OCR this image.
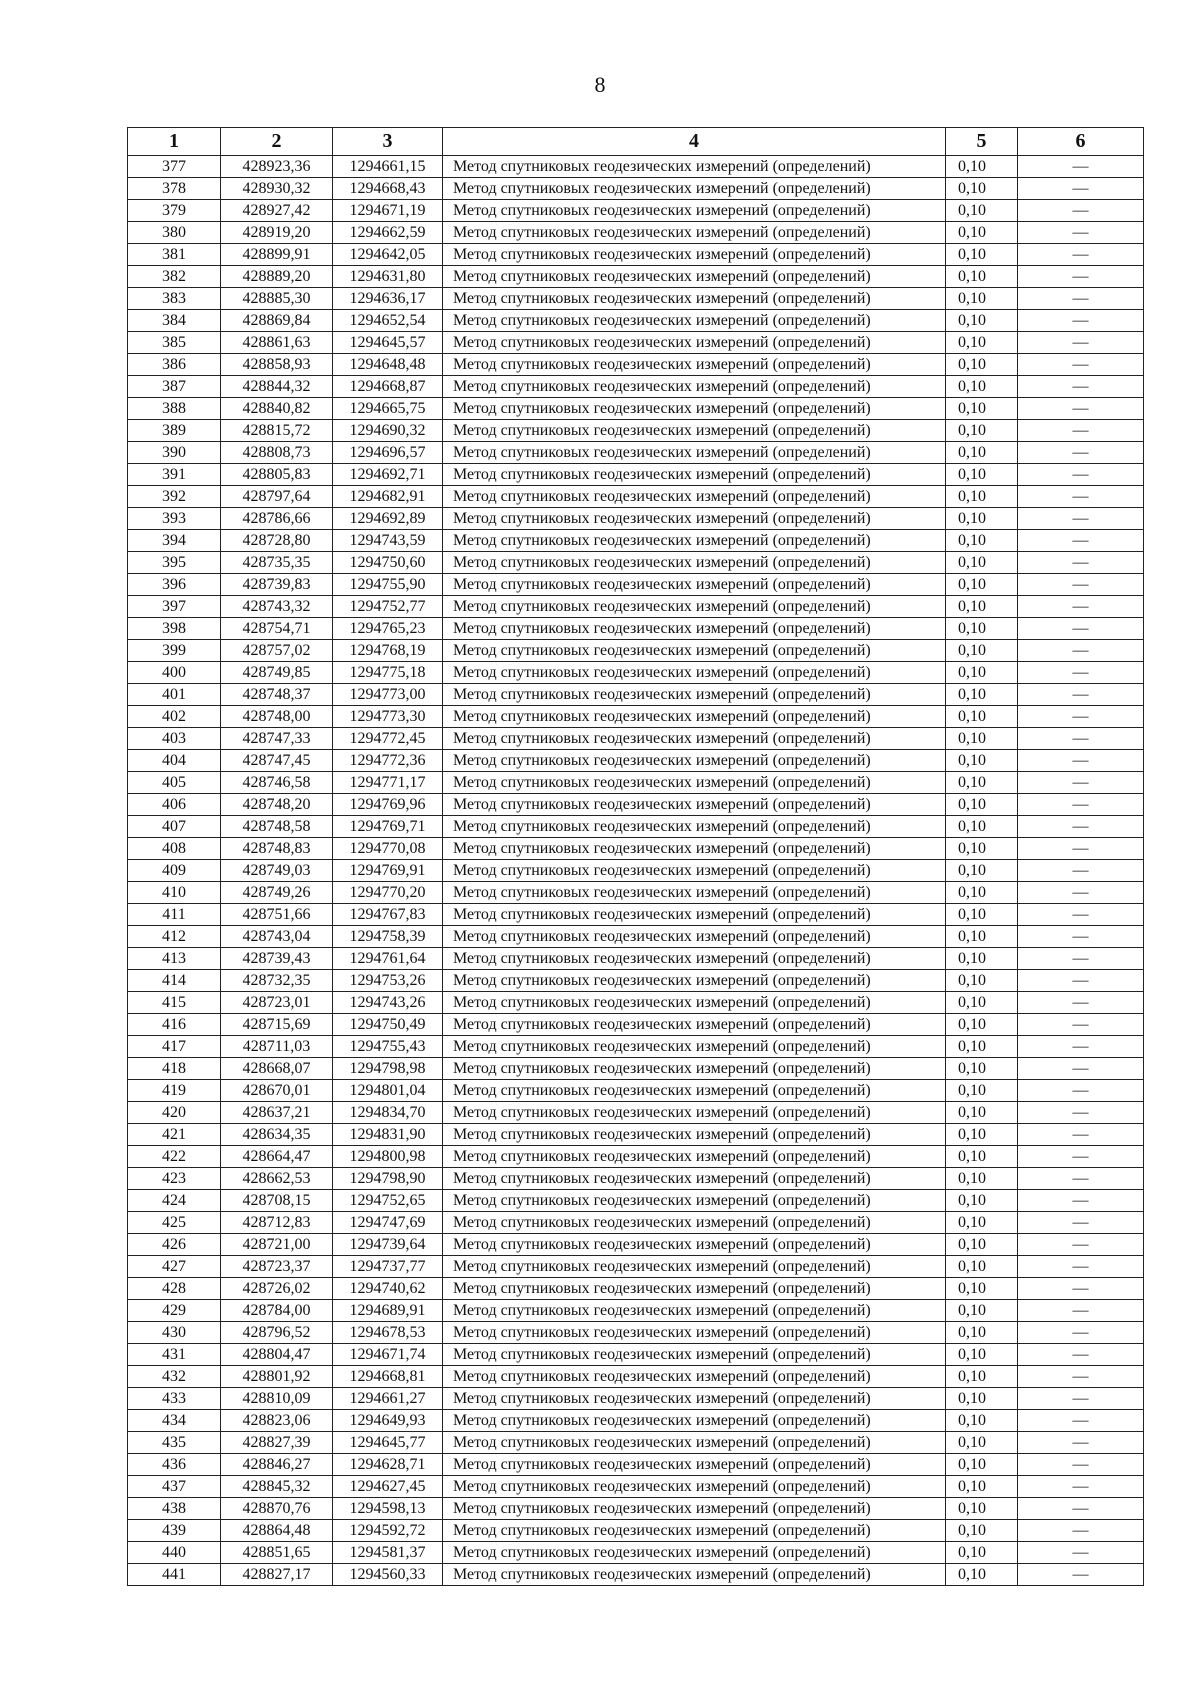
8
1	2	3	4	5	6
377	428923,36	1294661,15	Метод спутниковых геодезических измерений (определений)	0,10	—
378	428930,32	1294668,43	Метод спутниковых геодезических измерений (определений)	0,10	—
379	428927,42	1294671,19	Метод спутниковых геодезических измерений (определений)	0,10	—
380	428919,20	1294662,59	Метод спутниковых геодезических измерений (определений)	0,10	—
381	428899,91	1294642,05	Метод спутниковых геодезических измерений (определений)	0,10	—
382	428889,20	1294631,80	Метод спутниковых геодезических измерений (определений)	0,10	—
383	428885,30	1294636,17	Метод спутниковых геодезических измерений (определений)	0,10	—
384	428869,84	1294652,54	Метод спутниковых геодезических измерений (определений)	0,10	—
385	428861,63	1294645,57	Метод спутниковых геодезических измерений (определений)	0,10	—
386	428858,93	1294648,48	Метод спутниковых геодезических измерений (определений)	0,10	—
387	428844,32	1294668,87	Метод спутниковых геодезических измерений (определений)	0,10	—
388	428840,82	1294665,75	Метод спутниковых геодезических измерений (определений)	0,10	—
389	428815,72	1294690,32	Метод спутниковых геодезических измерений (определений)	0,10	—
390	428808,73	1294696,57	Метод спутниковых геодезических измерений (определений)	0,10	—
391	428805,83	1294692,71	Метод спутниковых геодезических измерений (определений)	0,10	—
392	428797,64	1294682,91	Метод спутниковых геодезических измерений (определений)	0,10	—
393	428786,66	1294692,89	Метод спутниковых геодезических измерений (определений)	0,10	—
394	428728,80	1294743,59	Метод спутниковых геодезических измерений (определений)	0,10	—
395	428735,35	1294750,60	Метод спутниковых геодезических измерений (определений)	0,10	—
396	428739,83	1294755,90	Метод спутниковых геодезических измерений (определений)	0,10	—
397	428743,32	1294752,77	Метод спутниковых геодезических измерений (определений)	0,10	—
398	428754,71	1294765,23	Метод спутниковых геодезических измерений (определений)	0,10	—
399	428757,02	1294768,19	Метод спутниковых геодезических измерений (определений)	0,10	—
400	428749,85	1294775,18	Метод спутниковых геодезических измерений (определений)	0,10	—
401	428748,37	1294773,00	Метод спутниковых геодезических измерений (определений)	0,10	—
402	428748,00	1294773,30	Метод спутниковых геодезических измерений (определений)	0,10	—
403	428747,33	1294772,45	Метод спутниковых геодезических измерений (определений)	0,10	—
404	428747,45	1294772,36	Метод спутниковых геодезических измерений (определений)	0,10	—
405	428746,58	1294771,17	Метод спутниковых геодезических измерений (определений)	0,10	—
406	428748,20	1294769,96	Метод спутниковых геодезических измерений (определений)	0,10	—
407	428748,58	1294769,71	Метод спутниковых геодезических измерений (определений)	0,10	—
408	428748,83	1294770,08	Метод спутниковых геодезических измерений (определений)	0,10	—
409	428749,03	1294769,91	Метод спутниковых геодезических измерений (определений)	0,10	—
410	428749,26	1294770,20	Метод спутниковых геодезических измерений (определений)	0,10	—
411	428751,66	1294767,83	Метод спутниковых геодезических измерений (определений)	0,10	—
412	428743,04	1294758,39	Метод спутниковых геодезических измерений (определений)	0,10	—
413	428739,43	1294761,64	Метод спутниковых геодезических измерений (определений)	0,10	—
414	428732,35	1294753,26	Метод спутниковых геодезических измерений (определений)	0,10	—
415	428723,01	1294743,26	Метод спутниковых геодезических измерений (определений)	0,10	—
416	428715,69	1294750,49	Метод спутниковых геодезических измерений (определений)	0,10	—
417	428711,03	1294755,43	Метод спутниковых геодезических измерений (определений)	0,10	—
418	428668,07	1294798,98	Метод спутниковых геодезических измерений (определений)	0,10	—
419	428670,01	1294801,04	Метод спутниковых геодезических измерений (определений)	0,10	—
420	428637,21	1294834,70	Метод спутниковых геодезических измерений (определений)	0,10	—
421	428634,35	1294831,90	Метод спутниковых геодезических измерений (определений)	0,10	—
422	428664,47	1294800,98	Метод спутниковых геодезических измерений (определений)	0,10	—
423	428662,53	1294798,90	Метод спутниковых геодезических измерений (определений)	0,10	—
424	428708,15	1294752,65	Метод спутниковых геодезических измерений (определений)	0,10	—
425	428712,83	1294747,69	Метод спутниковых геодезических измерений (определений)	0,10	—
426	428721,00	1294739,64	Метод спутниковых геодезических измерений (определений)	0,10	—
427	428723,37	1294737,77	Метод спутниковых геодезических измерений (определений)	0,10	—
428	428726,02	1294740,62	Метод спутниковых геодезических измерений (определений)	0,10	—
429	428784,00	1294689,91	Метод спутниковых геодезических измерений (определений)	0,10	—
430	428796,52	1294678,53	Метод спутниковых геодезических измерений (определений)	0,10	—
431	428804,47	1294671,74	Метод спутниковых геодезических измерений (определений)	0,10	—
432	428801,92	1294668,81	Метод спутниковых геодезических измерений (определений)	0,10	—
433	428810,09	1294661,27	Метод спутниковых геодезических измерений (определений)	0,10	—
434	428823,06	1294649,93	Метод спутниковых геодезических измерений (определений)	0,10	—
435	428827,39	1294645,77	Метод спутниковых геодезических измерений (определений)	0,10	—
436	428846,27	1294628,71	Метод спутниковых геодезических измерений (определений)	0,10	—
437	428845,32	1294627,45	Метод спутниковых геодезических измерений (определений)	0,10	—
438	428870,76	1294598,13	Метод спутниковых геодезических измерений (определений)	0,10	—
439	428864,48	1294592,72	Метод спутниковых геодезических измерений (определений)	0,10	—
440	428851,65	1294581,37	Метод спутниковых геодезических измерений (определений)	0,10	—
441	428827,17	1294560,33	Метод спутниковых геодезических измерений (определений)	0,10	—
